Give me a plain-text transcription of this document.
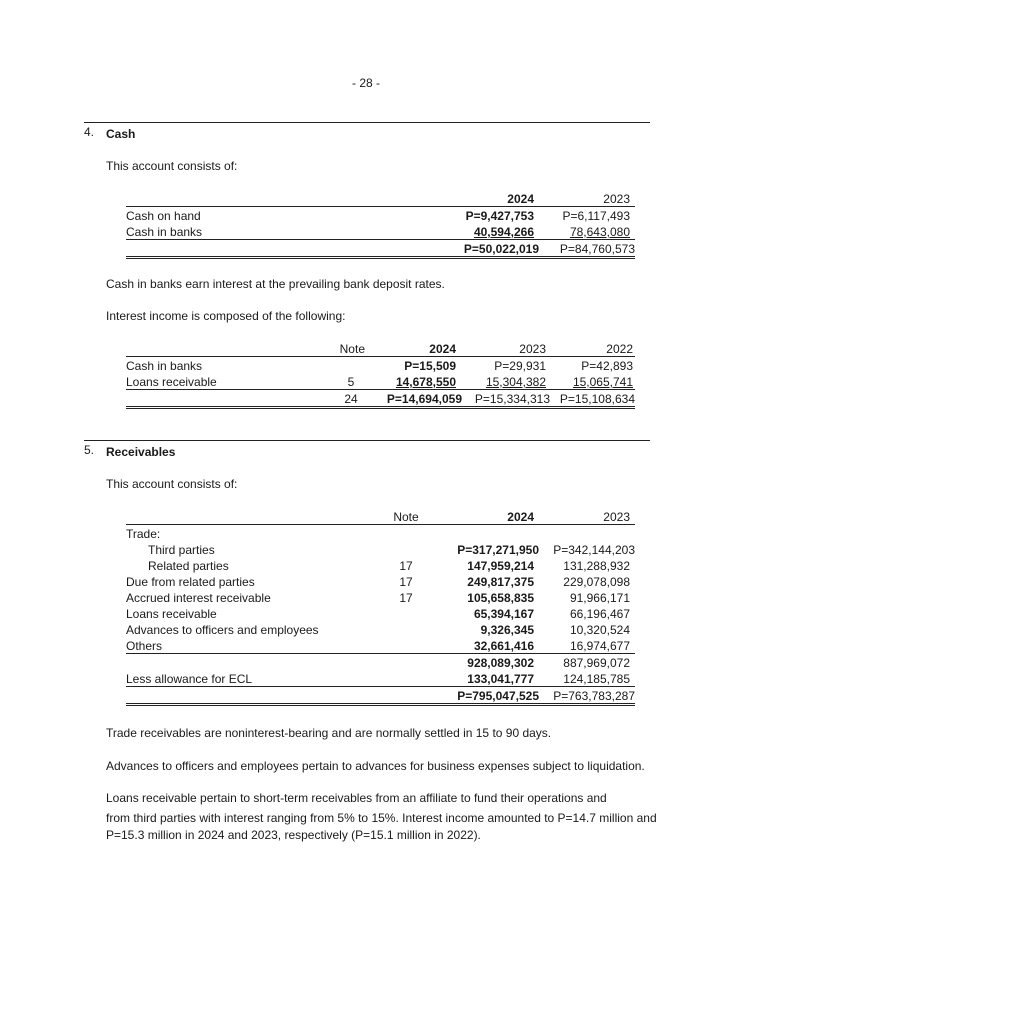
- 28 -
4. Cash
This account consists of:
	2024	2023
Cash on hand	P=9,427,753	P=6,117,493
Cash in banks	40,594,266	78,643,080
	P=50,022,019	P=84,760,573
Cash in banks earn interest at the prevailing bank deposit rates.
Interest income is composed of the following:
	Note	2024	2023	2022
Cash in banks		P=15,509	P=29,931	P=42,893
Loans receivable	5	14,678,550	15,304,382	15,065,741
	24	P=14,694,059	P=15,334,313	P=15,108,634
5. Receivables
This account consists of:
	Note	2024	2023
Trade:			
Third parties		P=317,271,950	P=342,144,203
Related parties	17	147,959,214	131,288,932
Due from related parties	17	249,817,375	229,078,098
Accrued interest receivable	17	105,658,835	91,966,171
Loans receivable		65,394,167	66,196,467
Advances to officers and employees		9,326,345	10,320,524
Others		32,661,416	16,974,677
		928,089,302	887,969,072
Less allowance for ECL		133,041,777	124,185,785
		P=795,047,525	P=763,783,287
Trade receivables are noninterest-bearing and are normally settled in 15 to 90 days.
Advances to officers and employees pertain to advances for business expenses subject to liquidation.
Loans receivable pertain to short-term receivables from an affiliate to fund their operations and
from third parties with interest ranging from 5% to 15%. Interest income amounted to P=14.7 million and
P=15.3 million in 2024 and 2023, respectively (P=15.1 million in 2022).
